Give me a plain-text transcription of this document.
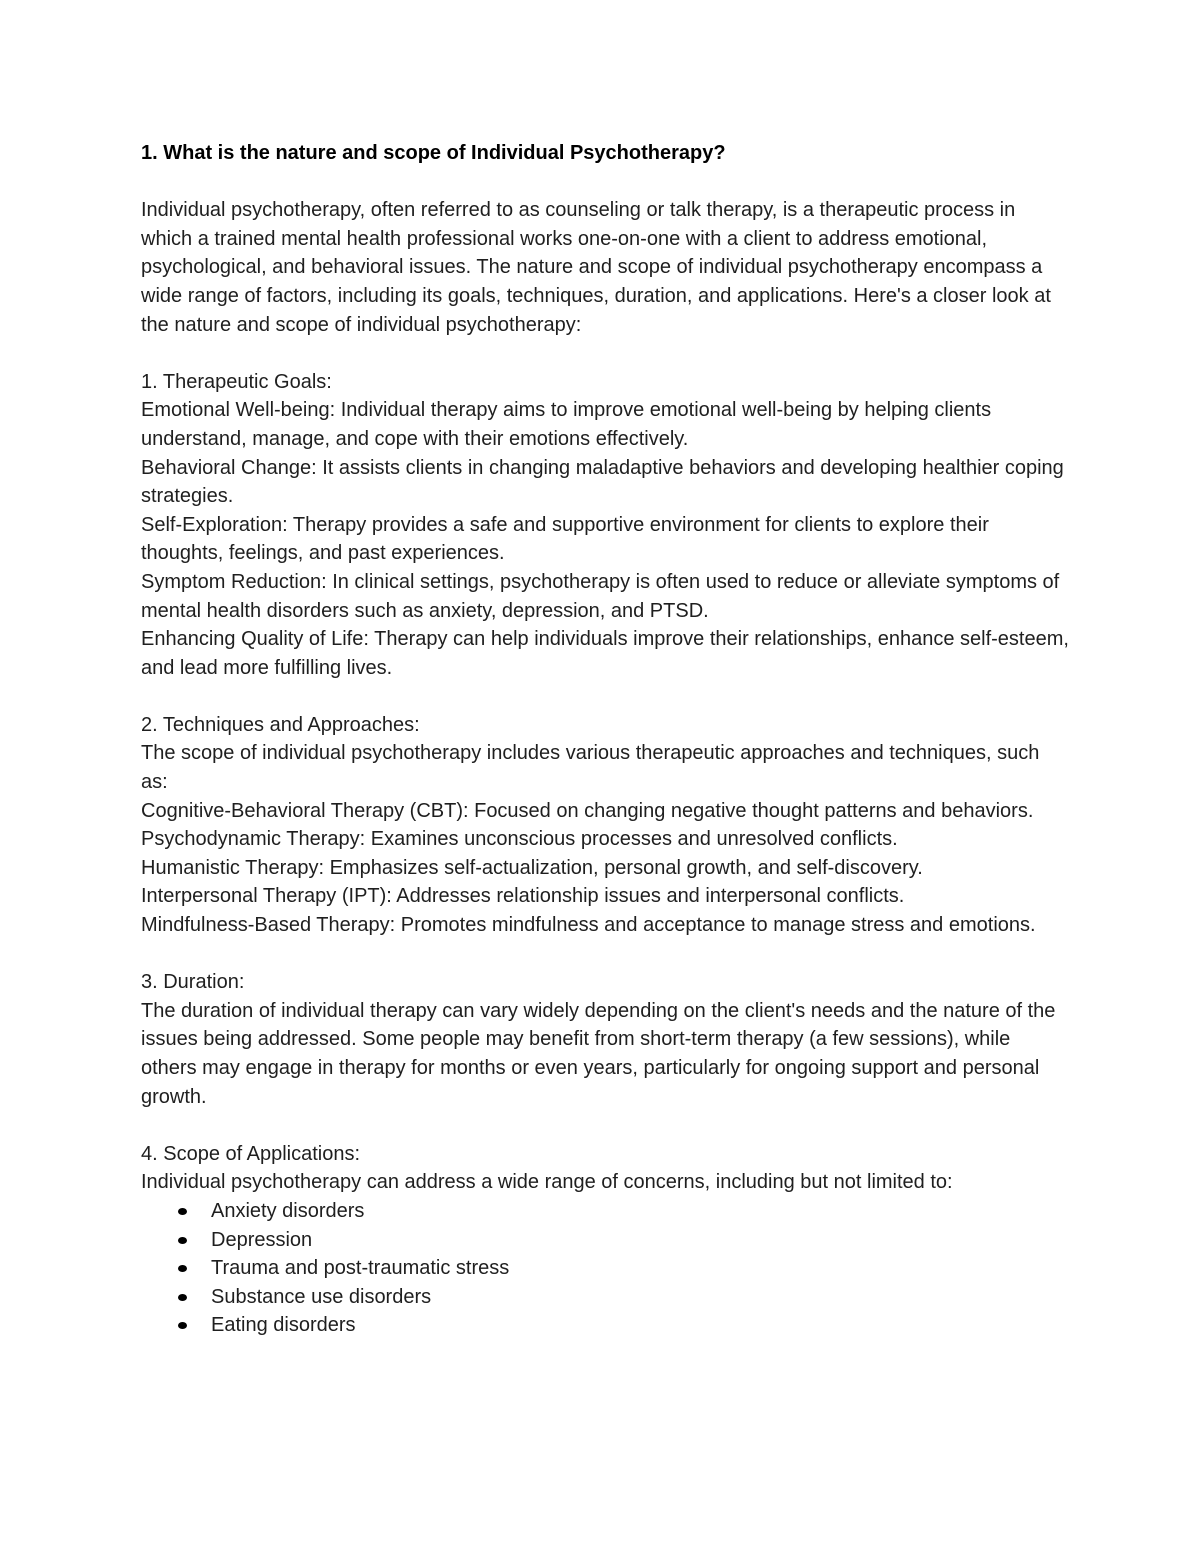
1. What is the nature and scope of Individual Psychotherapy?

Individual psychotherapy, often referred to as counseling or talk therapy, is a therapeutic process in which a trained mental health professional works one-on-one with a client to address emotional, psychological, and behavioral issues. The nature and scope of individual psychotherapy encompass a wide range of factors, including its goals, techniques, duration, and applications. Here's a closer look at the nature and scope of individual psychotherapy:

1. Therapeutic Goals:

Emotional Well-being: Individual therapy aims to improve emotional well-being by helping clients understand, manage, and cope with their emotions effectively.

Behavioral Change: It assists clients in changing maladaptive behaviors and developing healthier coping strategies.

Self-Exploration: Therapy provides a safe and supportive environment for clients to explore their thoughts, feelings, and past experiences.

Symptom Reduction: In clinical settings, psychotherapy is often used to reduce or alleviate symptoms of mental health disorders such as anxiety, depression, and PTSD.

Enhancing Quality of Life: Therapy can help individuals improve their relationships, enhance self-esteem, and lead more fulfilling lives.

2. Techniques and Approaches:

The scope of individual psychotherapy includes various therapeutic approaches and techniques, such as:

Cognitive-Behavioral Therapy (CBT): Focused on changing negative thought patterns and behaviors.

Psychodynamic Therapy: Examines unconscious processes and unresolved conflicts.

Humanistic Therapy: Emphasizes self-actualization, personal growth, and self-discovery.

Interpersonal Therapy (IPT): Addresses relationship issues and interpersonal conflicts.

Mindfulness-Based Therapy: Promotes mindfulness and acceptance to manage stress and emotions.

3. Duration:

The duration of individual therapy can vary widely depending on the client's needs and the nature of the issues being addressed. Some people may benefit from short-term therapy (a few sessions), while others may engage in therapy for months or even years, particularly for ongoing support and personal growth.

4. Scope of Applications:

Individual psychotherapy can address a wide range of concerns, including but not limited to:

Anxiety disorders
Depression
Trauma and post-traumatic stress
Substance use disorders
Eating disorders
